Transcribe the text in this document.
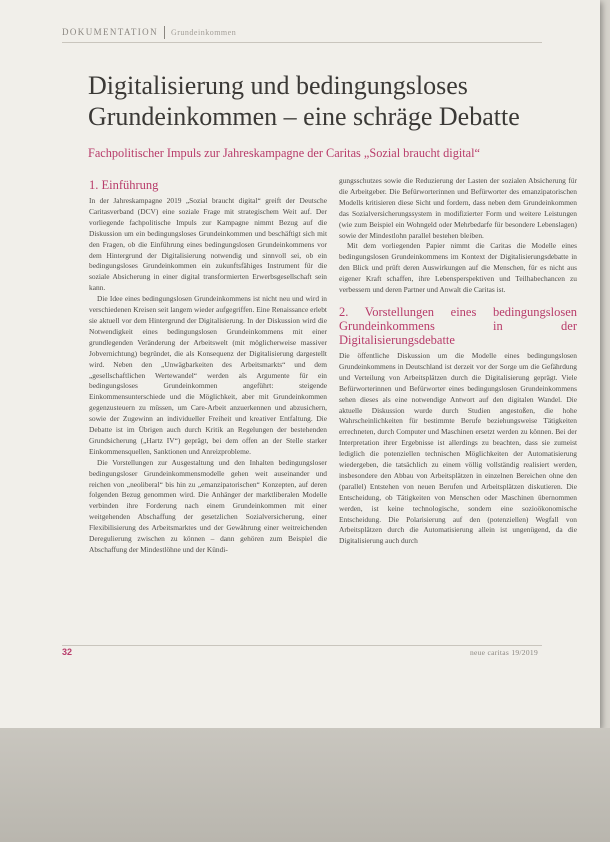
DOKUMENTATION Grundeinkommen
Digitalisierung und bedingungsloses Grundeinkommen – eine schräge Debatte

Fachpolitischer Impuls zur Jahreskampagne der Caritas „Sozial braucht digital“

1. Einführung

In der Jahreskampagne 2019 „Sozial braucht digital“ greift der Deutsche Caritasverband (DCV) eine soziale Frage mit strategischem Weit auf. Der vorliegende fachpolitische Impuls zur Kampagne nimmt Bezug auf die Diskussion um ein bedingungsloses Grundeinkommen und beschäftigt sich mit den Fragen, ob die Einführung eines bedingungslosen Grundeinkommens vor dem Hintergrund der Digitalisierung notwendig und sinnvoll sei, ob ein bedingungsloses Grundeinkommen ein zukunftsfähiges Instrument für die soziale Absicherung in einer digital transformierten Erwerbsgesellschaft sein kann.

Die Idee eines bedingungslosen Grundeinkommens ist nicht neu und wird in verschiedenen Kreisen seit langem wieder aufgegriffen. Eine Renaissance erlebt sie aktuell vor dem Hintergrund der Digitalisierung. In der Diskussion wird die Notwendigkeit eines bedingungslosen Grundeinkommens mit einer grundlegenden Veränderung der Arbeitswelt (mit möglicherweise massiver Jobvernichtung) begründet, die als Konsequenz der Digitalisierung dargestellt wird. Neben den „Unwägbarkeiten des Arbeitsmarkts“ und dem „gesellschaftlichen Wertewandel“ werden als Argumente für ein bedingungsloses Grundeinkommen angeführt: steigende Einkommensunterschiede und die Möglichkeit, aber mit Grundeinkommen gegenzusteuern zu müssen, um Care-Arbeit anzuerkennen und abzusichern, sowie der Zugewinn an individueller Freiheit und kreativer Entfaltung. Die Debatte ist im Übrigen auch durch Kritik an Regelungen der bestehenden Grundsicherung („Hartz IV“) geprägt, bei dem offen an der Stelle starker Einkommensquellen, Sanktionen und Anreizprobleme.

Die Vorstellungen zur Ausgestaltung und den Inhalten bedingungsloser bedingungsloser Grundeinkommensmodelle gehen weit auseinander und reichen von „neoliberal“ bis hin zu „emanzipatorischen“ Konzepten, auf deren folgenden Bezug genommen wird. Die Anhänger der marktliberalen Modelle verbinden ihre Forderung nach einem Grundeinkommen mit einer weitgehenden Abschaffung der gesetzlichen Sozialversicherung, einer Flexibilisierung des Arbeitsmarktes und der Gewährung einer weitreichenden Deregulierung zwischen zu können – dann gehören zum Beispiel die Abschaffung der Mindestlöhne und der Kündi-

gungsschutzes sowie die Reduzierung der Lasten der sozialen Absicherung für die Arbeitgeber. Die Befürworterinnen und Befürworter des emanzipatorischen Modells kritisieren diese Sicht und fordern, dass neben dem Grundeinkommen das Sozialversicherungssystem in modifizierter Form und weitere Leistungen (wie zum Beispiel ein Wohngeld oder Mehrbedarfe für besondere Lebenslagen) sowie der Mindestlohn parallel bestehen bleiben.

Mit dem vorliegenden Papier nimmt die Caritas die Modelle eines bedingungslosen Grundeinkommens im Kontext der Digitalisierungsdebatte in den Blick und prüft deren Auswirkungen auf die Menschen, für es nicht aus eigener Kraft schaffen, ihre Lebensperspektiven und Teilhabechancen zu verbessern und deren Partner und Anwalt die Caritas ist.

2. Vorstellungen eines bedingungslosen Grundeinkommens in der Digitalisierungsdebatte

Die öffentliche Diskussion um die Modelle eines bedingungslosen Grundeinkommens in Deutschland ist derzeit vor der Sorge um die Gefährdung und Verteilung von Arbeitsplätzen durch die Digitalisierung geprägt. Viele Befürworterinnen und Befürworter eines bedingungslosen Grundeinkommens sehen dieses als eine notwendige Antwort auf den digitalen Wandel. Die aktuelle Diskussion wurde durch Studien angestoßen, die hohe Wahrscheinlichkeiten für bestimmte Berufe beziehungsweise Tätigkeiten errechneten, durch Computer und Maschinen ersetzt werden zu können. Bei der Interpretation ihrer Ergebnisse ist allerdings zu beachten, dass sie zumeist lediglich die potenziellen technischen Möglichkeiten der Automatisierung wiedergeben, die tatsächlich zu einem völlig vollständig realisiert werden, insbesondere den Abbau von Arbeitsplätzen in einzelnen Bereichen ohne den (parallel) Entstehen von neuen Berufen und Arbeitsplätzen diskutieren. Die Entscheidung, ob Tätigkeiten von Menschen oder Maschinen übernommen werden, ist keine technologische, sondern eine sozioökonomische Entscheidung. Die Polarisierung auf den (potenziellen) Wegfall von Arbeitsplätzen durch die Automatisierung allein ist ungenügend, da die Digitalisierung auch durch

32	neue caritas 19/2019
